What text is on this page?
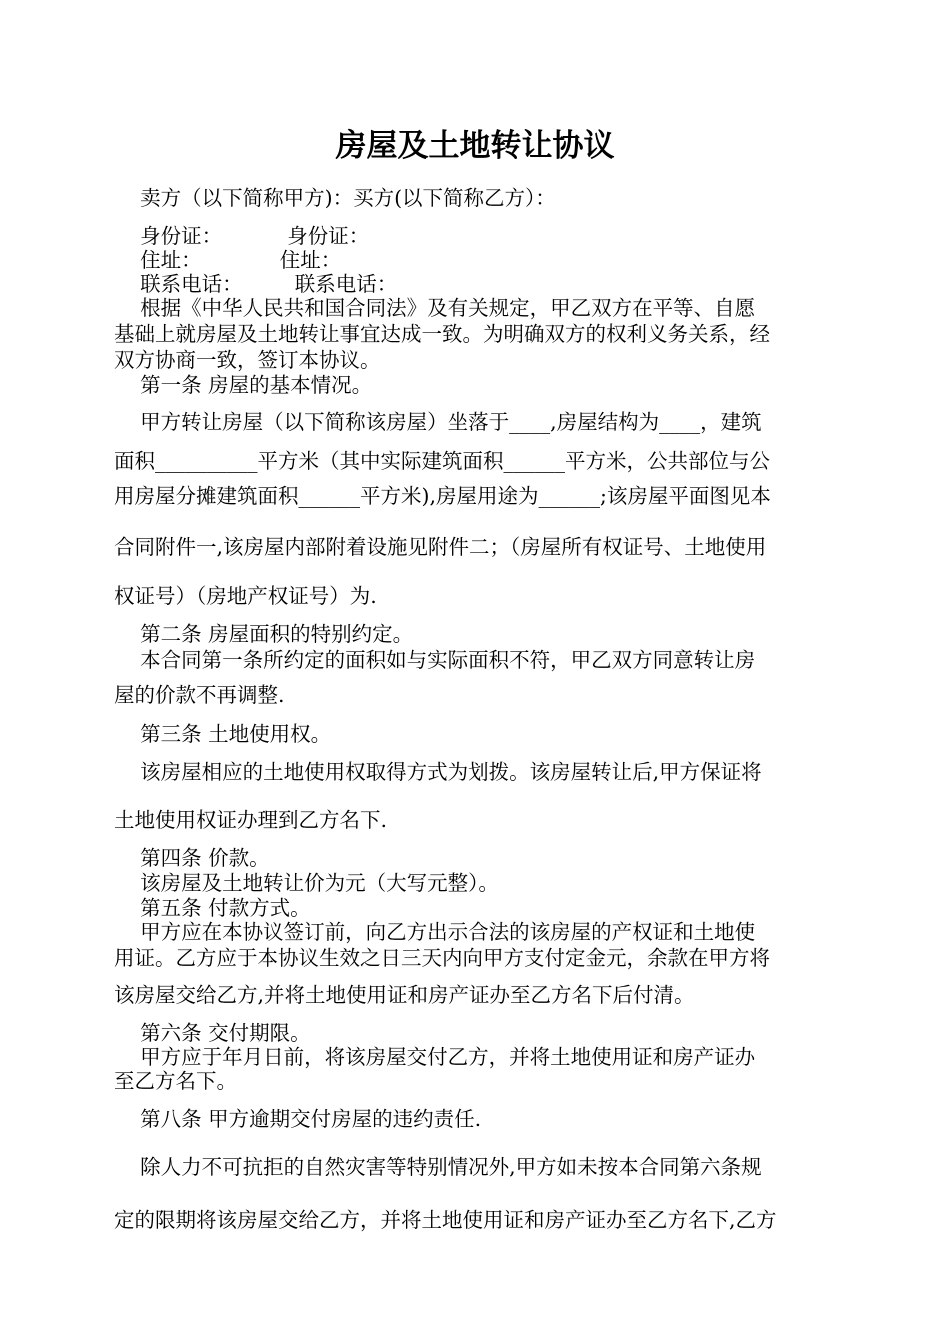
房屋及土地转让协议
卖方（以下简称甲方)：买方(以下简称乙方）：
身份证：          身份证：
住址：            住址：
联系电话：        联系电话：
根据《中华人民共和国合同法》及有关规定，甲乙双方在平等、自愿
基础上就房屋及土地转让事宜达成一致。为明确双方的权利义务关系，经
双方协商一致，签订本协议。
第一条 房屋的基本情况。
甲方转让房屋（以下简称该房屋）坐落于____,房屋结构为____，建筑
面积__________平方米（其中实际建筑面积______平方米，公共部位与公
用房屋分摊建筑面积______平方米),房屋用途为______;该房屋平面图见本
合同附件一,该房屋内部附着设施见附件二；（房屋所有权证号、土地使用
权证号）（房地产权证号）为.
第二条 房屋面积的特别约定。
本合同第一条所约定的面积如与实际面积不符，甲乙双方同意转让房
屋的价款不再调整.
第三条 土地使用权。
该房屋相应的土地使用权取得方式为划拨。该房屋转让后,甲方保证将
土地使用权证办理到乙方名下.
第四条 价款。
该房屋及土地转让价为元（大写元整）。
第五条 付款方式。
甲方应在本协议签订前，向乙方出示合法的该房屋的产权证和土地使
用证。乙方应于本协议生效之日三天内向甲方支付定金元，余款在甲方将
该房屋交给乙方,并将土地使用证和房产证办至乙方名下后付清。
第六条 交付期限。
甲方应于年月日前，将该房屋交付乙方，并将土地使用证和房产证办
至乙方名下。
第八条 甲方逾期交付房屋的违约责任.
除人力不可抗拒的自然灾害等特别情况外,甲方如未按本合同第六条规
定的限期将该房屋交给乙方，并将土地使用证和房产证办至乙方名下,乙方
